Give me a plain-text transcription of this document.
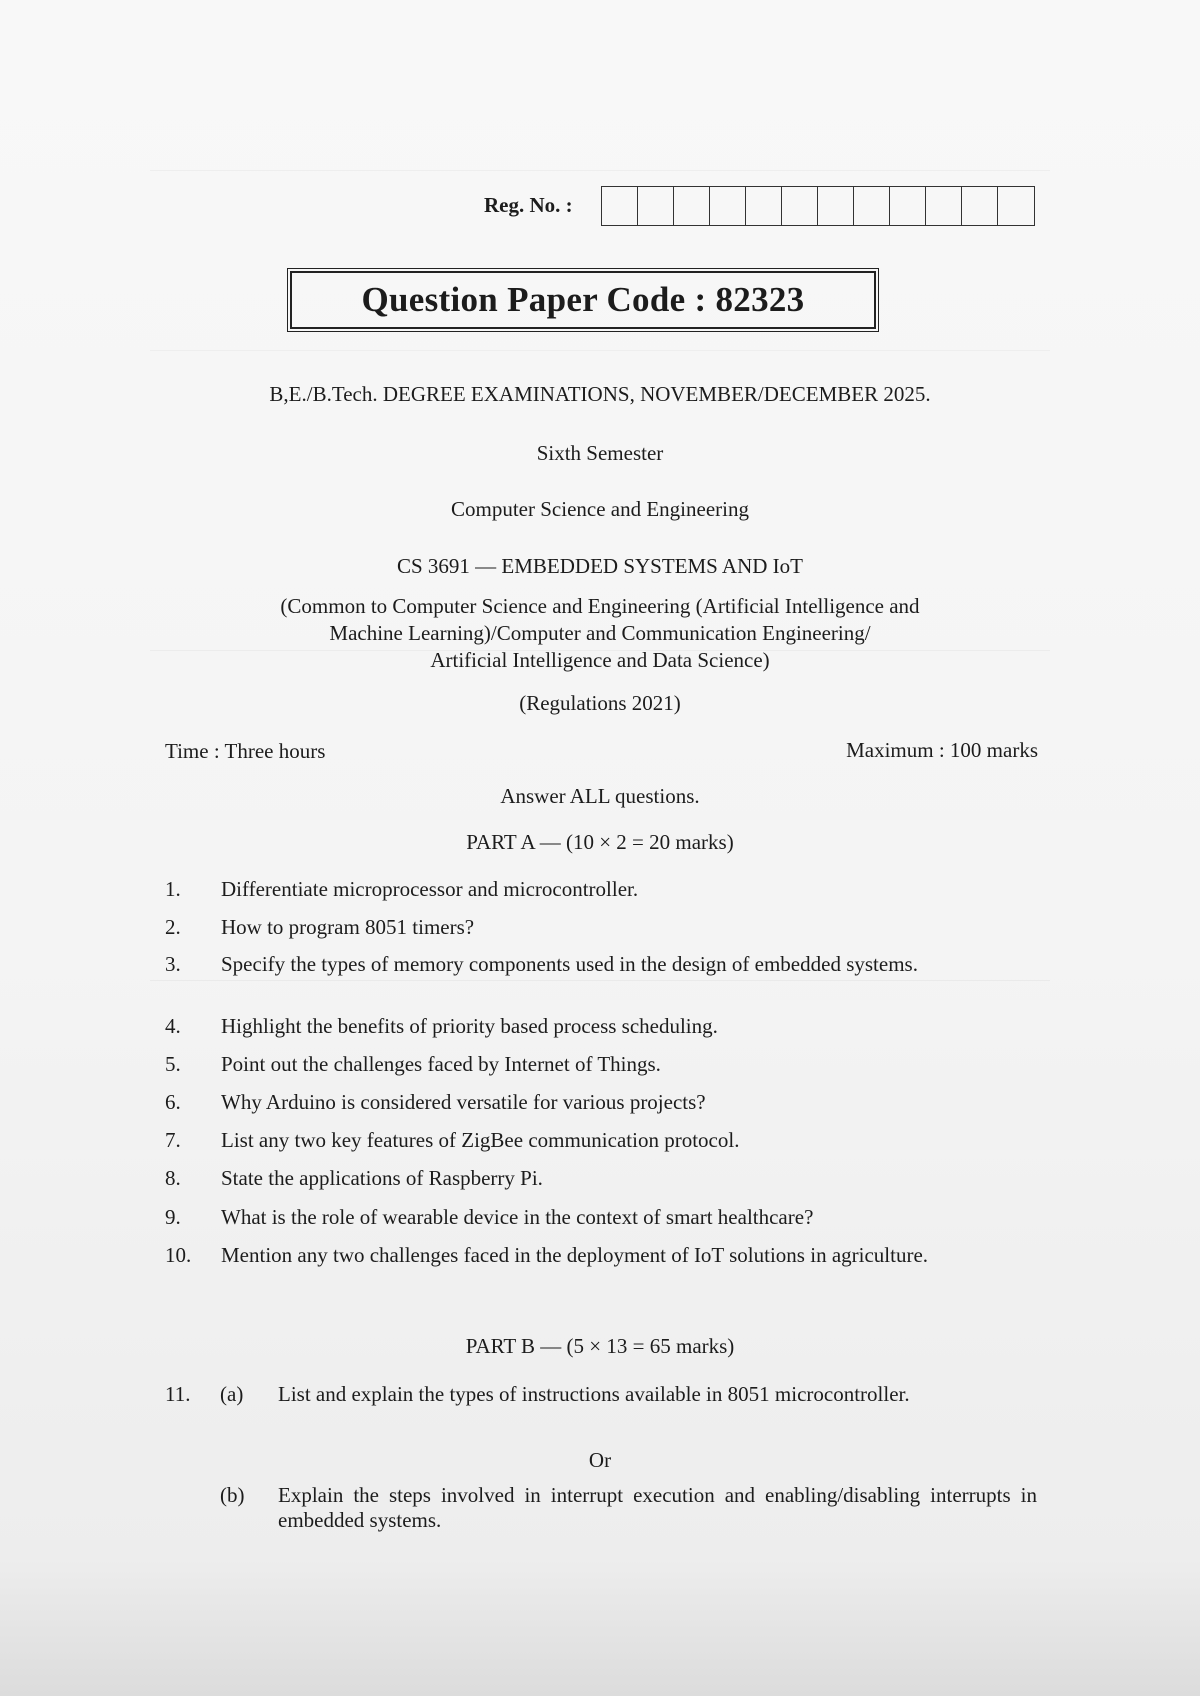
Reg. No. :
Question Paper Code : 82323
B,E./B.Tech. DEGREE EXAMINATIONS, NOVEMBER/DECEMBER 2025.
Sixth Semester
Computer Science and Engineering
CS 3691 — EMBEDDED SYSTEMS AND IoT
(Common to Computer Science and Engineering (Artificial Intelligence and
Machine Learning)/Computer and Communication Engineering/
Artificial Intelligence and Data Science)
(Regulations 2021)
Time : Three hours	Maximum : 100 marks
Answer ALL questions.
PART A — (10 × 2 = 20 marks)
1.	Differentiate microprocessor and microcontroller.
2.	How to program 8051 timers?
3.	Specify the types of memory components used in the design of embedded systems.
4.	Highlight the benefits of priority based process scheduling.
5.	Point out the challenges faced by Internet of Things.
6.	Why Arduino is considered versatile for various projects?
7.	List any two key features of ZigBee communication protocol.
8.	State the applications of Raspberry Pi.
9.	What is the role of wearable device in the context of smart healthcare?
10.	Mention any two challenges faced in the deployment of IoT solutions in agriculture.
PART B — (5 × 13 = 65 marks)
11.	(a) List and explain the types of instructions available in 8051 microcontroller.
Or
(b) Explain the steps involved in interrupt execution and enabling/disabling interrupts in embedded systems.
